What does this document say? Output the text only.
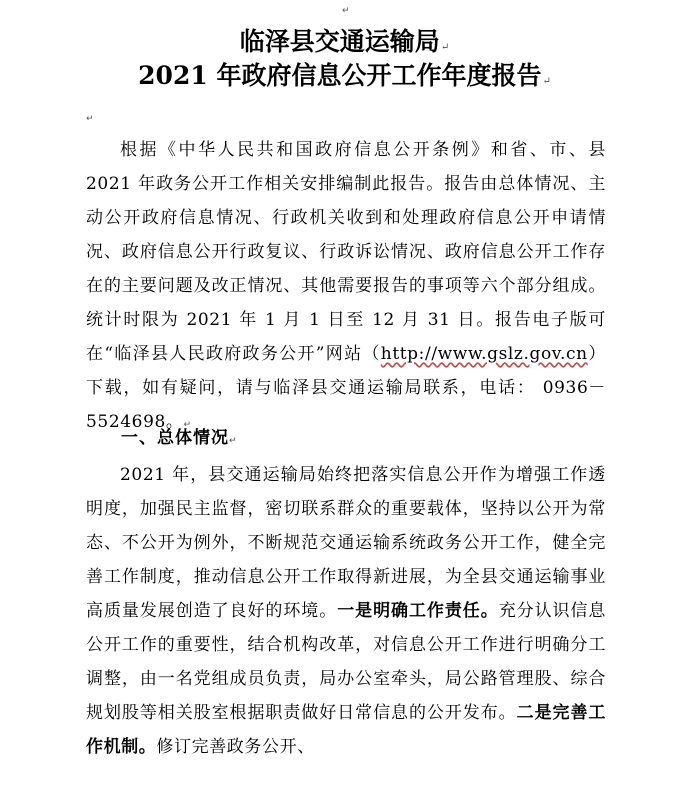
↵
临泽县交通运输局↵
2021 年政府信息公开工作年度报告↵
↵

根据《中华人民共和国政府信息公开条例》和省、市、县 2021 年政务公开工作相关安排编制此报告。报告由总体情况、主动公开政府信息情况、行政机关收到和处理政府信息公开申请情况、政府信息公开行政复议、行政诉讼情况、政府信息公开工作存在的主要问题及改正情况、其他需要报告的事项等六个部分组成。统计时限为 2021 年 1 月 1 日至 12 月 31 日。报告电子版可在“临泽县人民政府政务公开”网站（http://www.gslz.gov.cn）下载，如有疑问，请与临泽县交通运输局联系，电话： 0936－5524698。↵

一、总体情况↵

2021 年，县交通运输局始终把落实信息公开作为增强工作透明度，加强民主监督，密切联系群众的重要载体，坚持以公开为常态、不公开为例外，不断规范交通运输系统政务公开工作，健全完善工作制度，推动信息公开工作取得新进展，为全县交通运输事业高质量发展创造了良好的环境。一是明确工作责任。充分认识信息公开工作的重要性，结合机构改革，对信息公开工作进行明确分工调整，由一名党组成员负责，局办公室牵头，局公路管理股、综合规划股等相关股室根据职责做好日常信息的公开发布。二是完善工作机制。修订完善政务公开、
